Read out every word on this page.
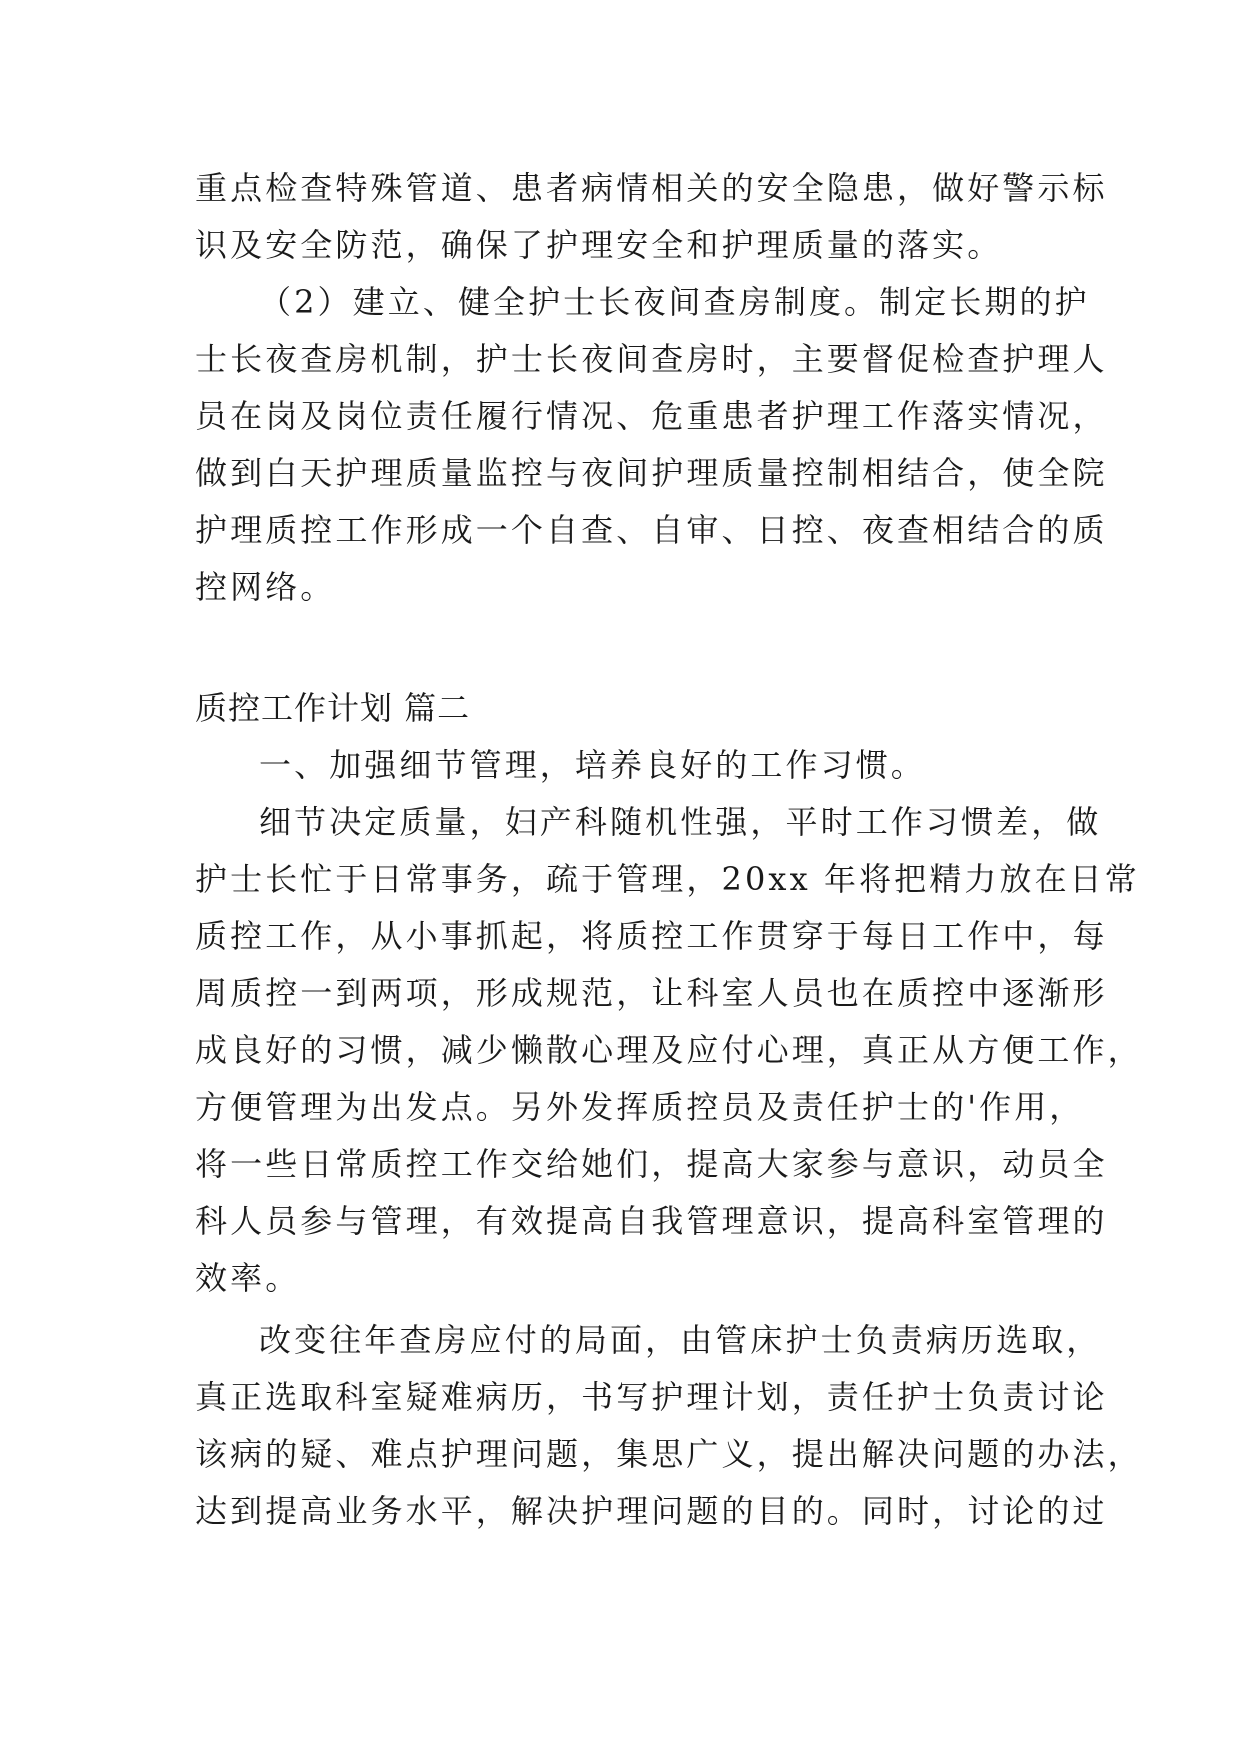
重点检查特殊管道、患者病情相关的安全隐患，做好警示标
识及安全防范，确保了护理安全和护理质量的落实。
（2）建立、健全护士长夜间查房制度。制定长期的护
士长夜查房机制，护士长夜间查房时，主要督促检查护理人
员在岗及岗位责任履行情况、危重患者护理工作落实情况，
做到白天护理质量监控与夜间护理质量控制相结合，使全院
护理质控工作形成一个自查、自审、日控、夜查相结合的质
控网络。
质控工作计划 篇二
一、加强细节管理，培养良好的工作习惯。
细节决定质量，妇产科随机性强，平时工作习惯差，做
护士长忙于日常事务，疏于管理，20xx 年将把精力放在日常
质控工作，从小事抓起，将质控工作贯穿于每日工作中，每
周质控一到两项，形成规范，让科室人员也在质控中逐渐形
成良好的习惯，减少懒散心理及应付心理，真正从方便工作，
方便管理为出发点。另外发挥质控员及责任护士的'作用，
将一些日常质控工作交给她们，提高大家参与意识，动员全
科人员参与管理，有效提高自我管理意识，提高科室管理的
效率。
改变往年查房应付的局面，由管床护士负责病历选取，
真正选取科室疑难病历，书写护理计划，责任护士负责讨论
该病的疑、难点护理问题，集思广义，提出解决问题的办法，
达到提高业务水平，解决护理问题的目的。同时，讨论的过
